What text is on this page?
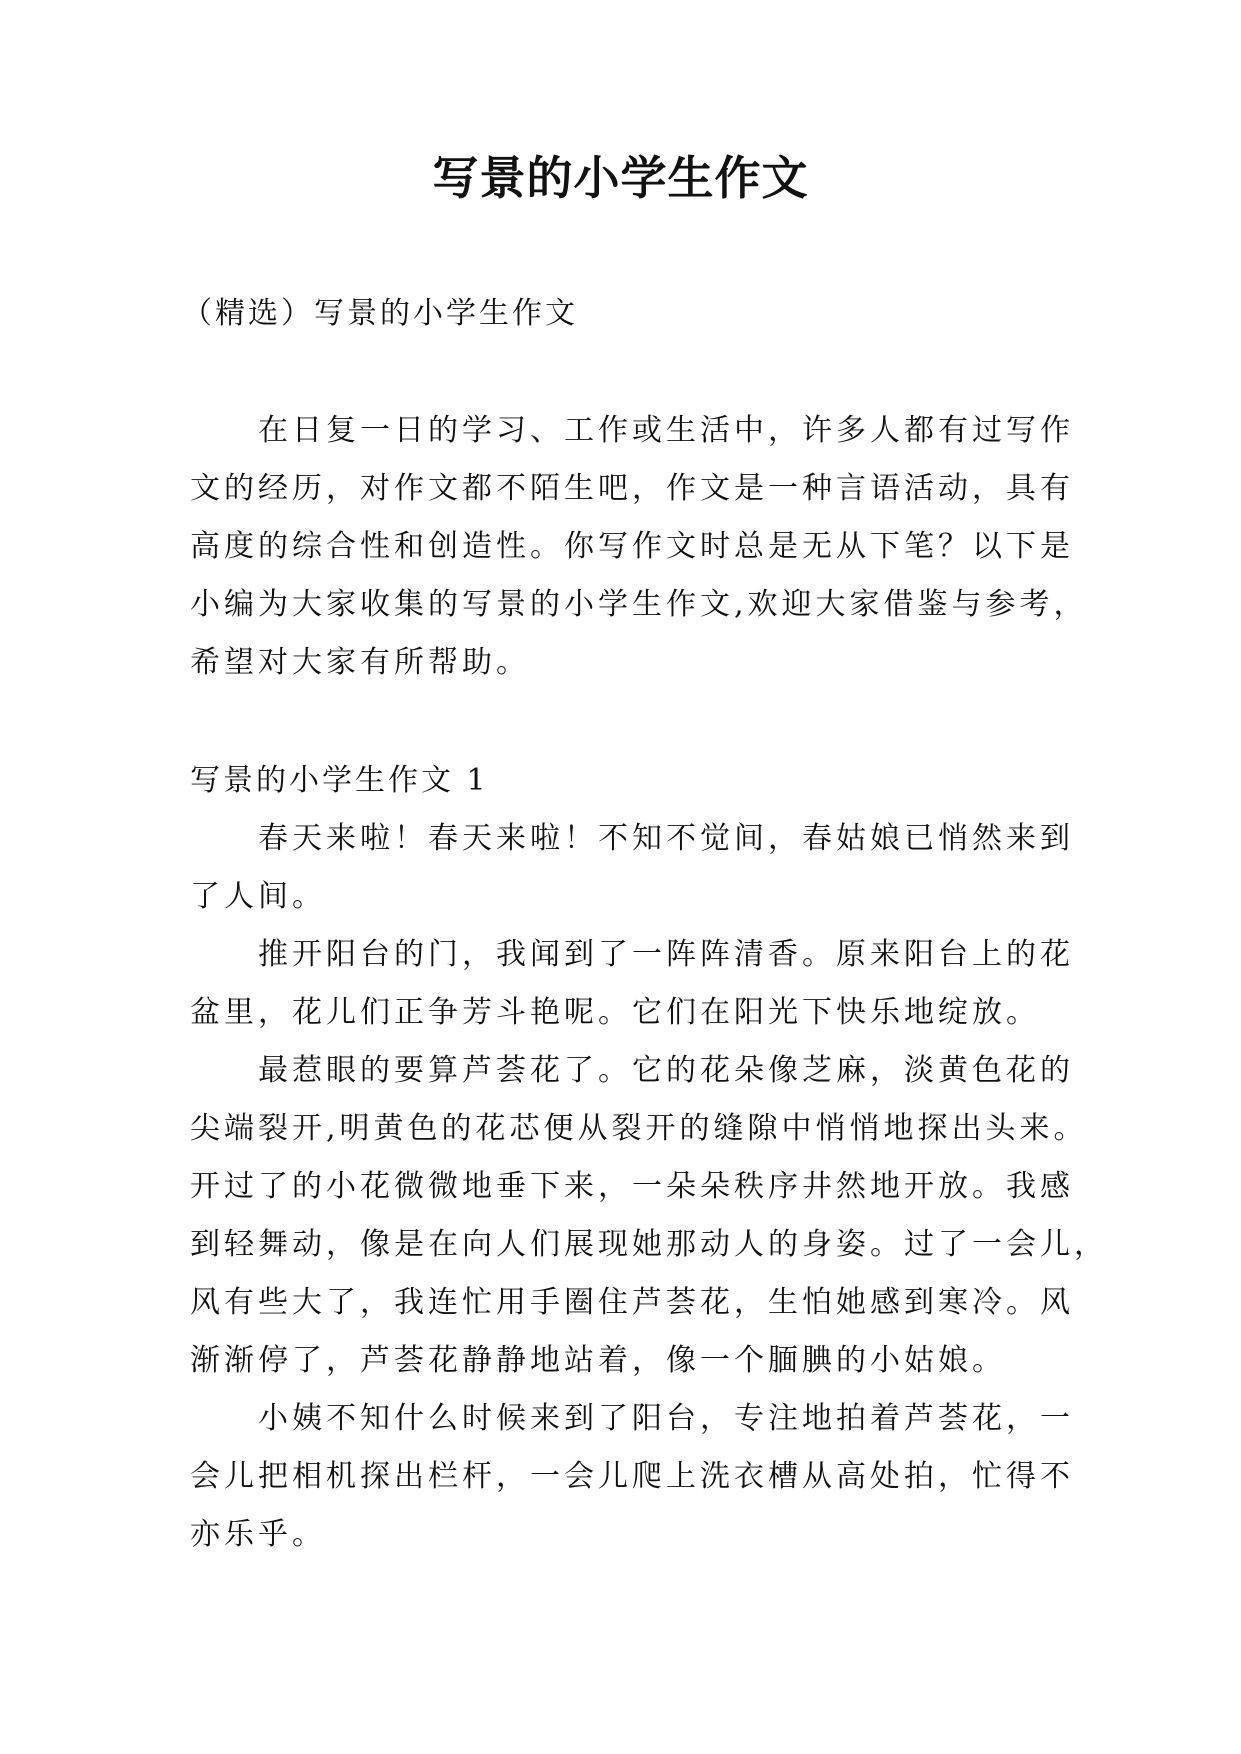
写景的小学生作文

（精选）写景的小学生作文

在日复一日的学习、工作或生活中，许多人都有过写作
文的经历，对作文都不陌生吧，作文是一种言语活动，具有
高度的综合性和创造性。你写作文时总是无从下笔？以下是
小编为大家收集的写景的小学生作文,欢迎大家借鉴与参考，
希望对大家有所帮助。
写景的小学生作文 1
春天来啦！春天来啦！不知不觉间，春姑娘已悄然来到
了人间。
推开阳台的门，我闻到了一阵阵清香。原来阳台上的花
盆里，花儿们正争芳斗艳呢。它们在阳光下快乐地绽放。
最惹眼的要算芦荟花了。它的花朵像芝麻，淡黄色花的
尖端裂开,明黄色的花芯便从裂开的缝隙中悄悄地探出头来。
开过了的小花微微地垂下来，一朵朵秩序井然地开放。我感
到轻舞动，像是在向人们展现她那动人的身姿。过了一会儿，
风有些大了，我连忙用手圈住芦荟花，生怕她感到寒冷。风
渐渐停了，芦荟花静静地站着，像一个腼腆的小姑娘。
小姨不知什么时候来到了阳台，专注地拍着芦荟花，一
会儿把相机探出栏杆，一会儿爬上洗衣槽从高处拍，忙得不
亦乐乎。
